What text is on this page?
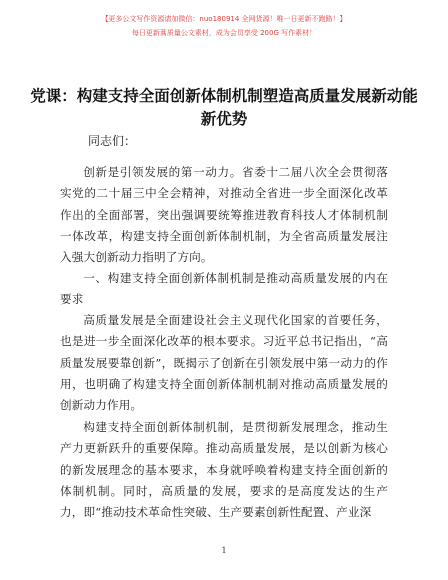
【更多公文写作资源请加微信：nuo180914 全网货源！唯一日更新不跑路！】
每日更新蒿质量公文素材，成为会员享受 200G 写作素材！
党课：构建支持全面创新体制机制塑造高质量发展新动能新优势
同志们：
创新是引领发展的第一动力。省委十二届八次全会贯彻落实党的二十届三中全会精神，对推动全省进一步全面深化改革作出的全面部署，突出强调要统筹推进教育科技人才体制机制一体改革，构建支持全面创新体制机制，为全省高质量发展注入强大创新动力指明了方向。
一、构建支持全面创新体制机制是推动高质量发展的内在要求
高质量发展是全面建设社会主义现代化国家的首要任务，也是进一步全面深化改革的根本要求。习近平总书记指出，“高质量发展要靠创新”，既揭示了创新在引领发展中第一动力的作用，也明确了构建支持全面创新体制机制对推动高质量发展的创新动力作用。
构建支持全面创新体制机制，是贯彻新发展理念，推动生产力更新跃升的重要保障。推动高质量发展，是以创新为核心的新发展理念的基本要求，本身就呼唤着构建支持全面创新的体制机制。同时，高质量的发展，要求的是高度发达的生产力，即“推动技术革命性突破、生产要素创新性配置、产业深
1
